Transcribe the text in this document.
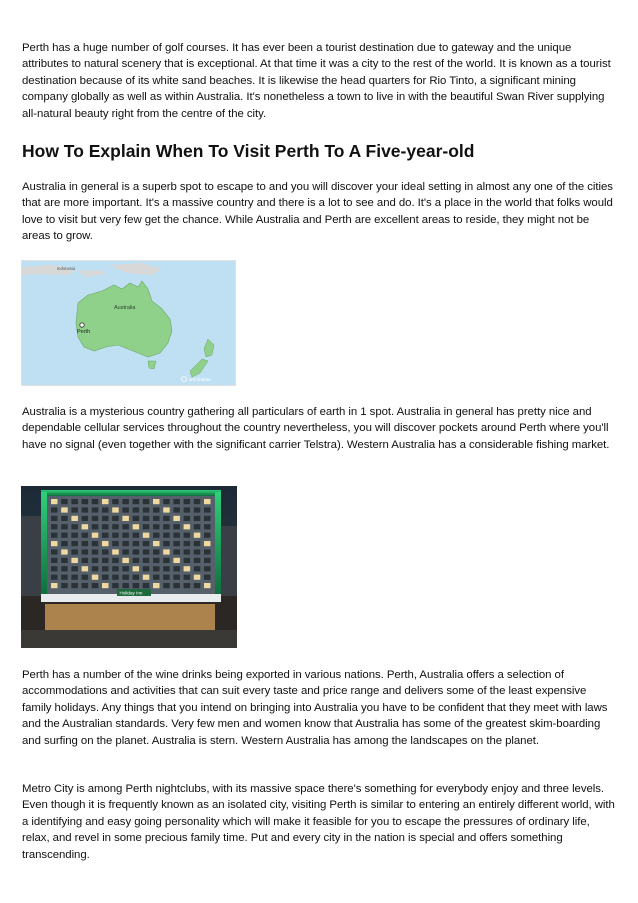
Perth has a huge number of golf courses. It has ever been a tourist destination due to gateway and the unique attributes to natural scenery that is exceptional. At that time it was a city to the rest of the world. It is known as a tourist destination because of its white sand beaches. It is likewise the head quarters for Rio Tinto, a significant mining company globally as well as within Australia. It's nonetheless a town to live in with the beautiful Swan River supplying all-natural beauty right from the centre of the city.

How To Explain When To Visit Perth To A Five-year-old

Australia in general is a superb spot to escape to and you will discover your ideal setting in almost any one of the cities that are more important. It's a massive country and there is a lot to see and do. It's a place in the world that folks would love to visit but very few get the chance. While Australia and Perth are excellent areas to reside, they might not be areas to grow.

Perth
Australia
Indonesia
worldatlas

Australia is a mysterious country gathering all particulars of earth in 1 spot. Australia in general has pretty nice and dependable cellular services throughout the country nevertheless, you will discover pockets around Perth where you'll have no signal (even together with the significant carrier Telstra). Western Australia has a considerable fishing market.

Holiday Inn

Perth has a number of the wine drinks being exported in various nations. Perth, Australia offers a selection of accommodations and activities that can suit every taste and price range and delivers some of the least expensive family holidays. Any things that you intend on bringing into Australia you have to be confident that they meet with laws and the Australian standards. Very few men and women know that Australia has some of the greatest skim-boarding and surfing on the planet. Australia is stern. Western Australia has among the landscapes on the planet.

Metro City is among Perth nightclubs, with its massive space there's something for everybody enjoy and three levels. Even though it is frequently known as an isolated city, visiting Perth is similar to entering an entirely different world, with a identifying and easy going personality which will make it feasible for you to escape the pressures of ordinary life, relax, and revel in some precious family time. Put and every city in the nation is special and offers something transcending.
